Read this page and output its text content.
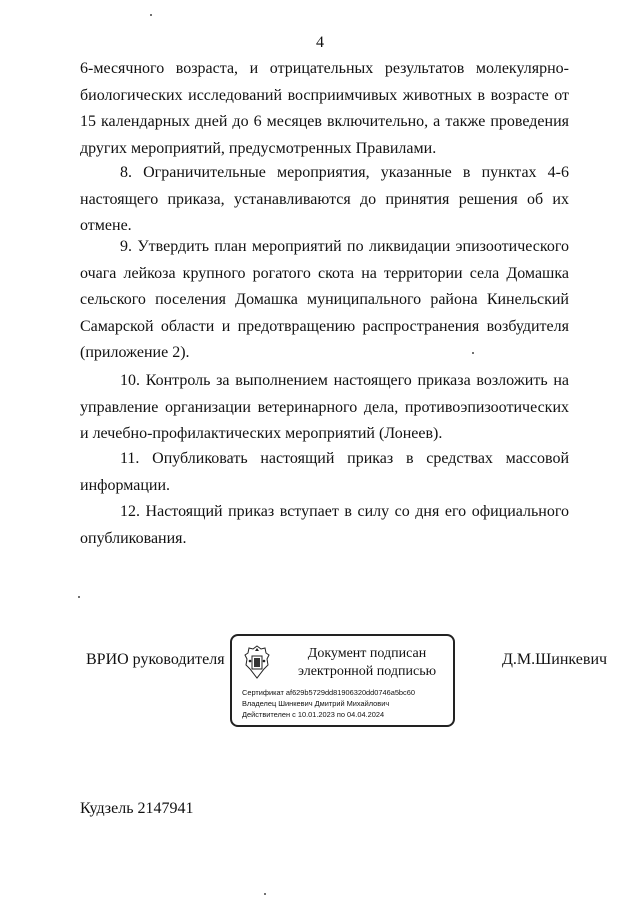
4

6-месячного возраста, и отрицательных результатов молекулярно-биологических исследований восприимчивых животных в возрасте от 15 календарных дней до 6 месяцев включительно, а также проведения других мероприятий, предусмотренных Правилами.

8. Ограничительные мероприятия, указанные в пунктах 4-6 настоящего приказа, устанавливаются до принятия решения об их отмене.

9. Утвердить план мероприятий по ликвидации эпизоотического очага лейкоза крупного рогатого скота на территории села Домашка сельского поселения Домашка муниципального района Кинельский Самарской области и предотвращению распространения возбудителя (приложение 2).

10. Контроль за выполнением настоящего приказа возложить на управление организации ветеринарного дела, противоэпизоотических и лечебно-профилактических мероприятий (Лонеев).

11. Опубликовать настоящий приказ в средствах массовой информации.

12. Настоящий приказ вступает в силу со дня его официального опубликования.

ВРИО руководителя	Документ подписан
электронной подписью
Сертификат af629b5729dd81906320dd0746a5bc60
Владелец Шинкевич Дмитрий Михайлович
Действителен с 10.01.2023 по 04.04.2024
Д.М.Шинкевич
Кудзель 2147941
